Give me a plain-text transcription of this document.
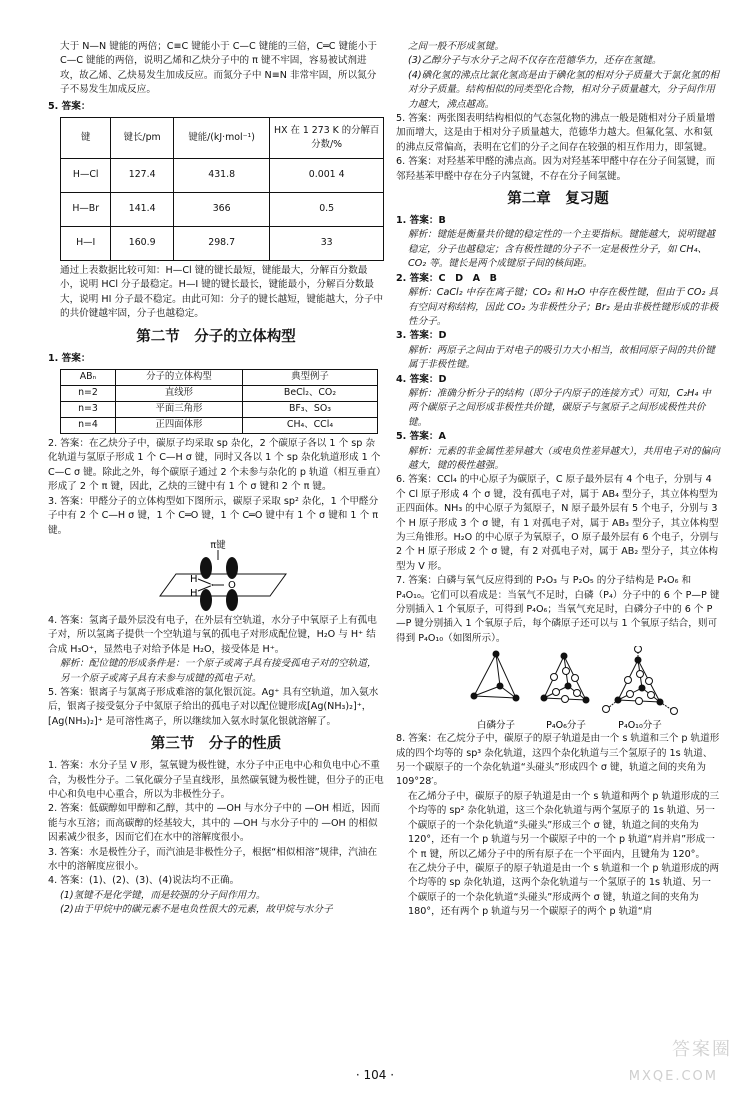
大于 N—N 键能的两倍；C≡C 键能小于 C—C 键能的三倍，C═C 键能小于 C—C 键能的两倍，说明乙烯和乙炔分子中的 π 键不牢固，容易被试剂进攻，故乙烯、乙炔易发生加成反应。而氮分子中 N≡N 非常牢固，所以氮分子不易发生加成反应。

5. 答案：

键	键长/pm	键能/(kJ·mol⁻¹)	HX 在 1 273 K 的分解百分数/%
H—Cl	127.4	431.8	0.001 4
H—Br	141.4	366	0.5
H—I	160.9	298.7	33

通过上表数据比较可知：H—Cl 键的键长最短，键能最大，分解百分数最小，说明 HCl 分子最稳定。H—I 键的键长最长，键能最小，分解百分数最大，说明 HI 分子最不稳定。由此可知：分子的键长越短，键能越大，分子中的共价键越牢固，分子也越稳定。

第二节　分子的立体构型

1. 答案：

ABₙ	分子的立体构型	典型例子
n=2	直线形	BeCl₂、CO₂
n=3	平面三角形	BF₃、SO₃
n=4	正四面体形	CH₄、CCl₄

2. 答案：在乙炔分子中，碳原子均采取 sp 杂化，2 个碳原子各以 1 个 sp 杂化轨道与氢原子形成 1 个 C—H σ 键，同时又各以 1 个 sp 杂化轨道形成 1 个 C—C σ 键。除此之外，每个碳原子通过 2 个未参与杂化的 p 轨道（相互垂直）形成了 2 个 π 键，因此，乙炔的三键中有 1 个 σ 键和 2 个 π 键。

3. 答案：甲醛分子的立体构型如下图所示，碳原子采取 sp² 杂化，1 个甲醛分子中有 2 个 C—H σ 键，1 个 C═O 键，1 个 C═O 键中有 1 个 σ 键和 1 个 π 键。

π键
H
H
C O

4. 答案：氢离子最外层没有电子，在外层有空轨道，水分子中氧原子上有孤电子对，所以氢离子提供一个空轨道与氧的孤电子对形成配位键，H₂O 与 H⁺ 结合成 H₃O⁺，显然电子对给予体是 H₂O，接受体是 H⁺。

解析：配位键的形成条件是：一个原子或离子具有接受孤电子对的空轨道，另一个原子或离子具有未参与成键的孤电子对。

5. 答案：银离子与氯离子形成难溶的氯化银沉淀。Ag⁺ 具有空轨道，加入氨水后，银离子接受氨分子中氮原子给出的孤电子对以配位键形成[Ag(NH₃)₂]⁺，[Ag(NH₃)₂]⁺ 是可溶性离子，所以继续加入氨水时氯化银就溶解了。

第三节　分子的性质

1. 答案：水分子呈 V 形，氢氧键为极性键，水分子中正电中心和负电中心不重合，为极性分子。二氧化碳分子呈直线形，虽然碳氧键为极性键，但分子的正电中心和负电中心重合，所以为非极性分子。

2. 答案：低碳醇如甲醇和乙醇，其中的 —OH 与水分子中的 —OH 相近，因而能与水互溶；而高碳醇的烃基较大，其中的 —OH 与水分子中的 —OH 的相似因素减少很多，因而它们在水中的溶解度很小。

3. 答案：水是极性分子，而汽油是非极性分子，根据“相似相溶”规律，汽油在水中的溶解度应很小。

4. 答案：(1)、(2)、(3)、(4)说法均不正确。

(1)氢键不是化学键，而是较强的分子间作用力。

(2)由于甲烷中的碳元素不是电负性很大的元素，故甲烷与水分子

之间一般不形成氢键。

(3)乙醇分子与水分子之间不仅存在范德华力，还存在氢键。

(4)碘化氢的沸点比氯化氢高是由于碘化氢的相对分子质量大于氯化氢的相对分子质量。结构相似的同类型化合物，相对分子质量越大，分子间作用力越大，沸点越高。

5. 答案：两张图表明结构相似的气态氢化物的沸点一般是随相对分子质量增加而增大，这是由于相对分子质量越大，范德华力越大。但氟化氢、水和氨的沸点反常偏高，表明在它们的分子之间存在较强的相互作用力，即氢键。

6. 答案：对羟基苯甲醛的沸点高。因为对羟基苯甲醛中存在分子间氢键，而邻羟基苯甲醛中存在分子内氢键，不存在分子间氢键。

第二章　复习题

1. 答案：B

解析：键能是衡量共价键的稳定性的一个主要指标。键能越大，说明键越稳定，分子也越稳定；含有极性键的分子不一定是极性分子，如 CH₄、CO₂ 等。键长是两个成键原子间的核间距。

2. 答案：C　D　A　B

解析：CaCl₂ 中存在离子键；CO₂ 和 H₂O 中存在极性键，但由于 CO₂ 具有空间对称结构，因此 CO₂ 为非极性分子；Br₂ 是由非极性键形成的非极性分子。

3. 答案：D

解析：两原子之间由于对电子的吸引力大小相当，故相同原子间的共价键属于非极性键。

4. 答案：D

解析：准确分析分子的结构（即分子内原子的连接方式）可知，C₂H₄ 中两个碳原子之间形成非极性共价键，碳原子与氢原子之间形成极性共价键。

5. 答案：A

解析：元素的非金属性差异越大（或电负性差异越大），共用电子对的偏向越大，键的极性越强。

6. 答案：CCl₄ 的中心原子为碳原子，C 原子最外层有 4 个电子，分别与 4 个 Cl 原子形成 4 个 σ 键，没有孤电子对，属于 AB₄ 型分子，其立体构型为正四面体。NH₃ 的中心原子为氮原子，N 原子最外层有 5 个电子，分别与 3 个 H 原子形成 3 个 σ 键，有 1 对孤电子对，属于 AB₃ 型分子，其立体构型为三角锥形。H₂O 的中心原子为氧原子，O 原子最外层有 6 个电子，分别与 2 个 H 原子形成 2 个 σ 键，有 2 对孤电子对，属于 AB₂ 型分子，其立体构型为 V 形。

7. 答案：白磷与氧气反应得到的 P₂O₃ 与 P₂O₅ 的分子结构是 P₄O₆ 和 P₄O₁₀。它们可以看成是：当氧气不足时，白磷（P₄）分子中的 6 个 P—P 键分别插入 1 个氧原子，可得到 P₄O₆；当氧气充足时，白磷分子中的 6 个 P—P 键分别插入 1 个氧原子后，每个磷原子还可以与 1 个氧原子结合，则可得到 P₄O₁₀（如图所示）。

白磷分子	P₄O₆分子	P₄O₁₀分子

8. 答案：在乙烷分子中，碳原子的原子轨道是由一个 s 轨道和三个 p 轨道形成的四个均等的 sp³ 杂化轨道，这四个杂化轨道与三个氢原子的 1s 轨道、另一个碳原子的一个杂化轨道“头碰头”形成四个 σ 键，轨道之间的夹角为 109°28′。

在乙烯分子中，碳原子的原子轨道是由一个 s 轨道和两个 p 轨道形成的三个均等的 sp² 杂化轨道，这三个杂化轨道与两个氢原子的 1s 轨道、另一个碳原子的一个杂化轨道“头碰头”形成三个 σ 键，轨道之间的夹角为 120°，还有一个 p 轨道与另一个碳原子中的一个 p 轨道“肩并肩”形成一个 π 键，所以乙烯分子中的所有原子在一个平面内，且键角为 120°。

在乙炔分子中，碳原子的原子轨道是由一个 s 轨道和一个 p 轨道形成的两个均等的 sp 杂化轨道，这两个杂化轨道与一个氢原子的 1s 轨道、另一个碳原子的一个杂化轨道“头碰头”形成两个 σ 键，轨道之间的夹角为 180°，还有两个 p 轨道与另一个碳原子的两个 p 轨道“肩

· 104 ·
答案圈
MXQE.COM
